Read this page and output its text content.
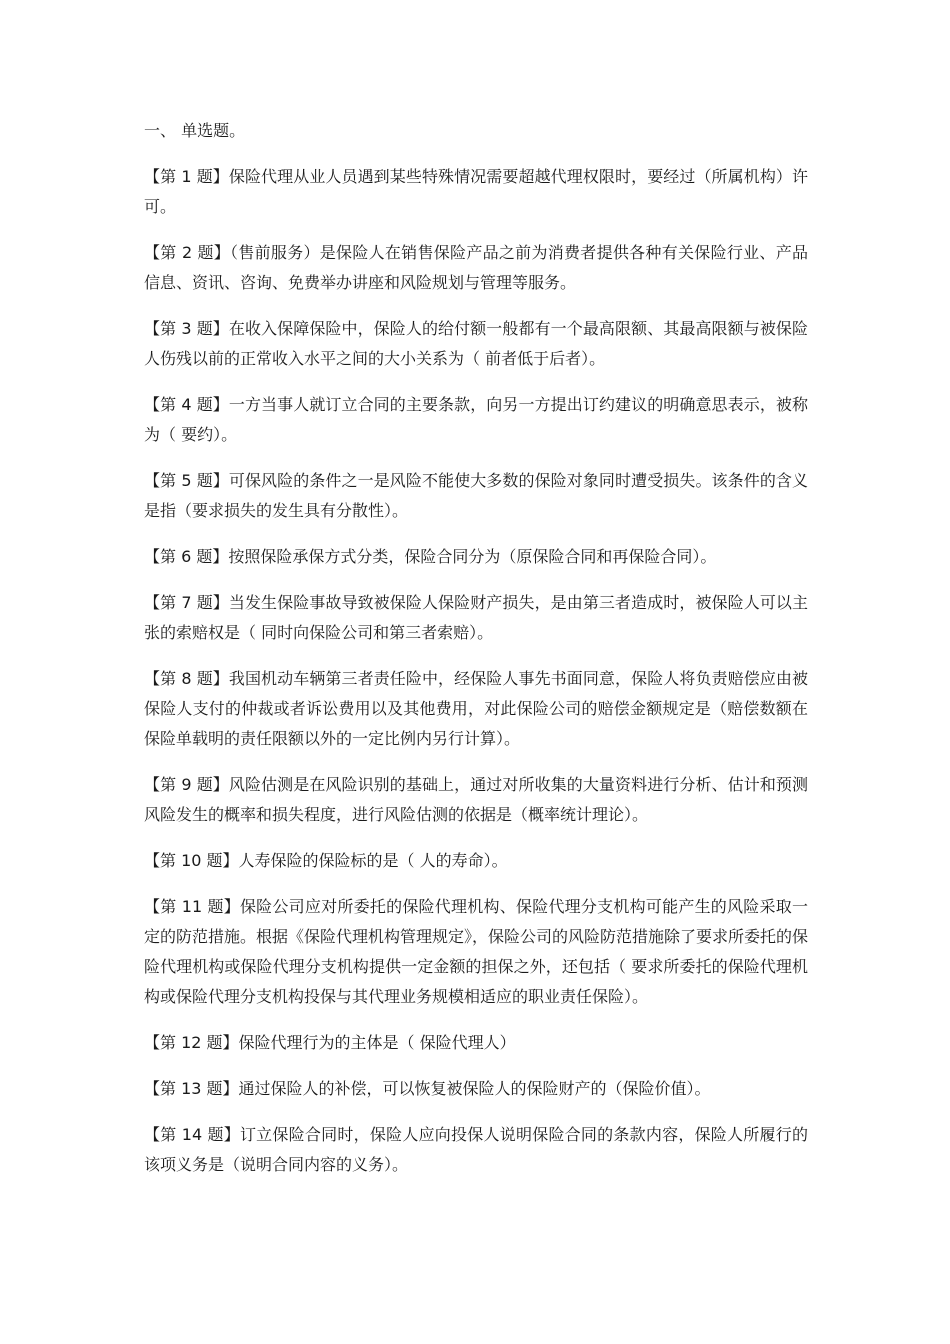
一、 单选题。
【第 1 题】保险代理从业人员遇到某些特殊情况需要超越代理权限时，要经过（所属机构）许可。
【第 2 题】（售前服务）是保险人在销售保险产品之前为消费者提供各种有关保险行业、产品信息、资讯、咨询、免费举办讲座和风险规划与管理等服务。
【第 3 题】在收入保障保险中，保险人的给付额一般都有一个最高限额、其最高限额与被保险人伤残以前的正常收入水平之间的大小关系为（ 前者低于后者）。
【第 4 题】一方当事人就订立合同的主要条款，向另一方提出订约建议的明确意思表示，被称为（ 要约）。
【第 5 题】可保风险的条件之一是风险不能使大多数的保险对象同时遭受损失。该条件的含义是指（要求损失的发生具有分散性）。
【第 6 题】按照保险承保方式分类，保险合同分为（原保险合同和再保险合同）。
【第 7 题】当发生保险事故导致被保险人保险财产损失，是由第三者造成时，被保险人可以主张的索赔权是（ 同时向保险公司和第三者索赔）。
【第 8 题】我国机动车辆第三者责任险中，经保险人事先书面同意，保险人将负责赔偿应由被保险人支付的仲裁或者诉讼费用以及其他费用，对此保险公司的赔偿金额规定是（赔偿数额在保险单载明的责任限额以外的一定比例内另行计算）。
【第 9 题】风险估测是在风险识别的基础上，通过对所收集的大量资料进行分析、估计和预测风险发生的概率和损失程度，进行风险估测的依据是（概率统计理论）。
【第 10 题】人寿保险的保险标的是（ 人的寿命）。
【第 11 题】保险公司应对所委托的保险代理机构、保险代理分支机构可能产生的风险采取一定的防范措施。根据《保险代理机构管理规定》，保险公司的风险防范措施除了要求所委托的保险代理机构或保险代理分支机构提供一定金额的担保之外，还包括（ 要求所委托的保险代理机构或保险代理分支机构投保与其代理业务规模相适应的职业责任保险）。
【第 12 题】保险代理行为的主体是（ 保险代理人）
【第 13 题】通过保险人的补偿，可以恢复被保险人的保险财产的（保险价值）。
【第 14 题】订立保险合同时，保险人应向投保人说明保险合同的条款内容，保险人所履行的该项义务是（说明合同内容的义务）。
